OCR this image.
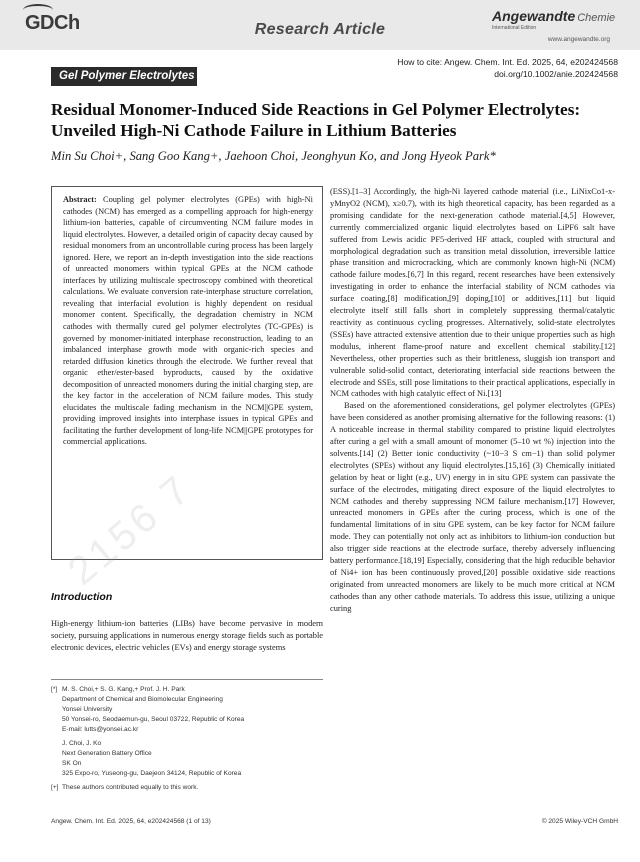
GDCh	Research Article
Angewandte Chemie
International Edition
www.angewandte.org
How to cite: Angew. Chem. Int. Ed. 2025, 64, e202424568
doi.org/10.1002/anie.202424568
Gel Polymer Electrolytes
Residual Monomer-Induced Side Reactions in Gel Polymer Electrolytes: Unveiled High-Ni Cathode Failure in Lithium Batteries
Min Su Choi+, Sang Goo Kang+, Jaehoon Choi, Jeonghyun Ko, and Jong Hyeok Park*
Abstract: Coupling gel polymer electrolytes (GPEs) with high-Ni cathodes (NCM) has emerged as a compelling approach for high-energy lithium-ion batteries, capable of circumventing NCM failure modes in liquid electrolytes. However, a detailed origin of capacity decay caused by residual monomers from an uncontrollable curing process has been largely ignored. Here, we report an in-depth investigation into the side reactions of unreacted monomers within typical GPEs at the NCM cathode interfaces by utilizing multiscale spectroscopy combined with theoretical calculations. We evaluate conversion rate-interphase structure correlation, revealing that interfacial evolution is highly dependent on residual monomer content. Specifically, the degradation chemistry in NCM cathodes with thermally cured gel polymer electrolytes (TC-GPEs) is governed by monomer-initiated interphase reconstruction, leading to an imbalanced interphase growth mode with organic-rich species and retarded diffusion kinetics through the electrode. We further reveal that organic ether/ester-based byproducts, caused by the oxidative decomposition of unreacted monomers during the initial charging step, are the key factor in the acceleration of NCM failure modes. This study elucidates the multiscale fading mechanism in the NCM||GPE system, providing improved insights into interphase issues in typical GPEs and facilitating the further development of long-life NCM||GPE prototypes for commercial applications.
Introduction
High-energy lithium-ion batteries (LIBs) have become pervasive in modern society, pursuing applications in numerous energy storage fields such as portable electronic devices, electric vehicles (EVs) and energy storage systems
[*] M. S. Choi,+ S. G. Kang,+ Prof. J. H. Park
Department of Chemical and Biomolecular Engineering
Yonsei University
50 Yonsei-ro, Seodaemun-gu, Seoul 03722, Republic of Korea
E-mail: lutts@yonsei.ac.kr

J. Choi, J. Ko
Next Generation Battery Office
SK On
325 Expo-ro, Yuseong-gu, Daejeon 34124, Republic of Korea

[+] These authors contributed equally to this work.

(ESS).[1–3] Accordingly, the high-Ni layered cathode material (i.e., LiNixCo1-x-yMnyO2 (NCM), x≥0.7), with its high theoretical capacity, has been regarded as a promising candidate for the next-generation cathode material.[4,5] However, currently commercialized organic liquid electrolytes based on LiPF6 salt have suffered from Lewis acidic PF5-derived HF attack, coupled with structural and morphological degradation such as transition metal dissolution, irreversible lattice phase transition and microcracking, which are commonly known high-Ni (NCM) cathode failure modes.[6,7] In this regard, recent researches have been extensively investigating in order to enhance the interfacial stability of NCM cathodes via surface coating,[8] modification,[9] doping,[10] or additives,[11] but liquid electrolyte itself still falls short in completely suppressing thermal/catalytic reactivity as continuous cycling progresses. Alternatively, solid-state electrolytes (SSEs) have attracted extensive attention due to their unique properties such as high modulus, inherent flame-proof nature and excellent chemical stability.[12] Nevertheless, other properties such as their brittleness, sluggish ion transport and vulnerable solid-solid contact, deteriorating interfacial side reactions between the electrode and SSEs, still pose limitations to their practical applications, especially in NCM cathodes with high catalytic effect of Ni.[13]

Based on the aforementioned considerations, gel polymer electrolytes (GPEs) have been considered as another promising alternative for the following reasons: (1) A noticeable increase in thermal stability compared to pristine liquid electrolytes after curing a gel with a small amount of monomer (5–10 wt %) injection into the solvents.[14] (2) Better ionic conductivity (~10−3 S cm−1) than solid polymer electrolytes (SPEs) without any liquid electrolytes.[15,16] (3) Chemically initiated gelation by heat or light (e.g., UV) energy in in situ GPE system can passivate the surface of the electrodes, mitigating direct exposure of the liquid electrolytes to NCM cathodes and thereby suppressing NCM failure mechanism.[17] However, unreacted monomers in GPEs after the curing process, which is one of the fundamental limitations of in situ GPE system, can be key factor for NCM failure mode. They can potentially not only act as inhibitors to lithium-ion conduction but also trigger side reactions at the electrode surface, thereby adversely influencing battery performance.[18,19] Especially, considering that the high reducible behavior of Ni4+ ion has been continuously proved,[20] possible oxidative side reactions originated from unreacted monomers are likely to be much more critical at NCM cathodes than any other cathode materials. To address this issue, utilizing a unique curing

Angew. Chem. Int. Ed. 2025, 64, e202424568 (1 of 13)	© 2025 Wiley-VCH GmbH
2156 7
